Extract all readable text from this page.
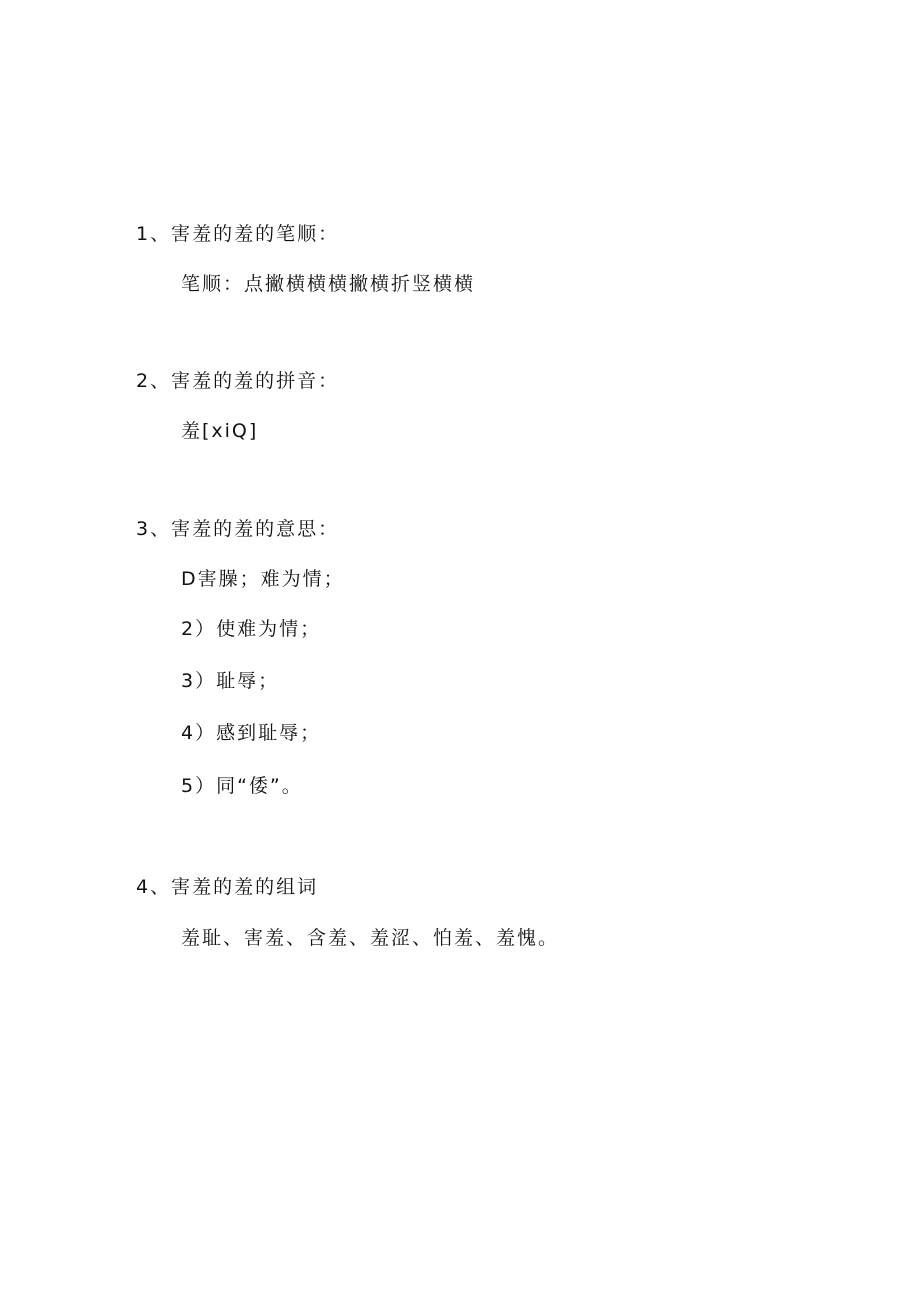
1、害羞的羞的笔顺：
笔顺：点撇横横横撇横折竖横横
2、害羞的羞的拼音：
羞[xiQ]
3、害羞的羞的意思：
D害臊；难为情；
2）使难为情；
3）耻辱；
4）感到耻辱；
5）同“倭”。
4、害羞的羞的组词
羞耻、害羞、含羞、羞涩、怕羞、羞愧。
